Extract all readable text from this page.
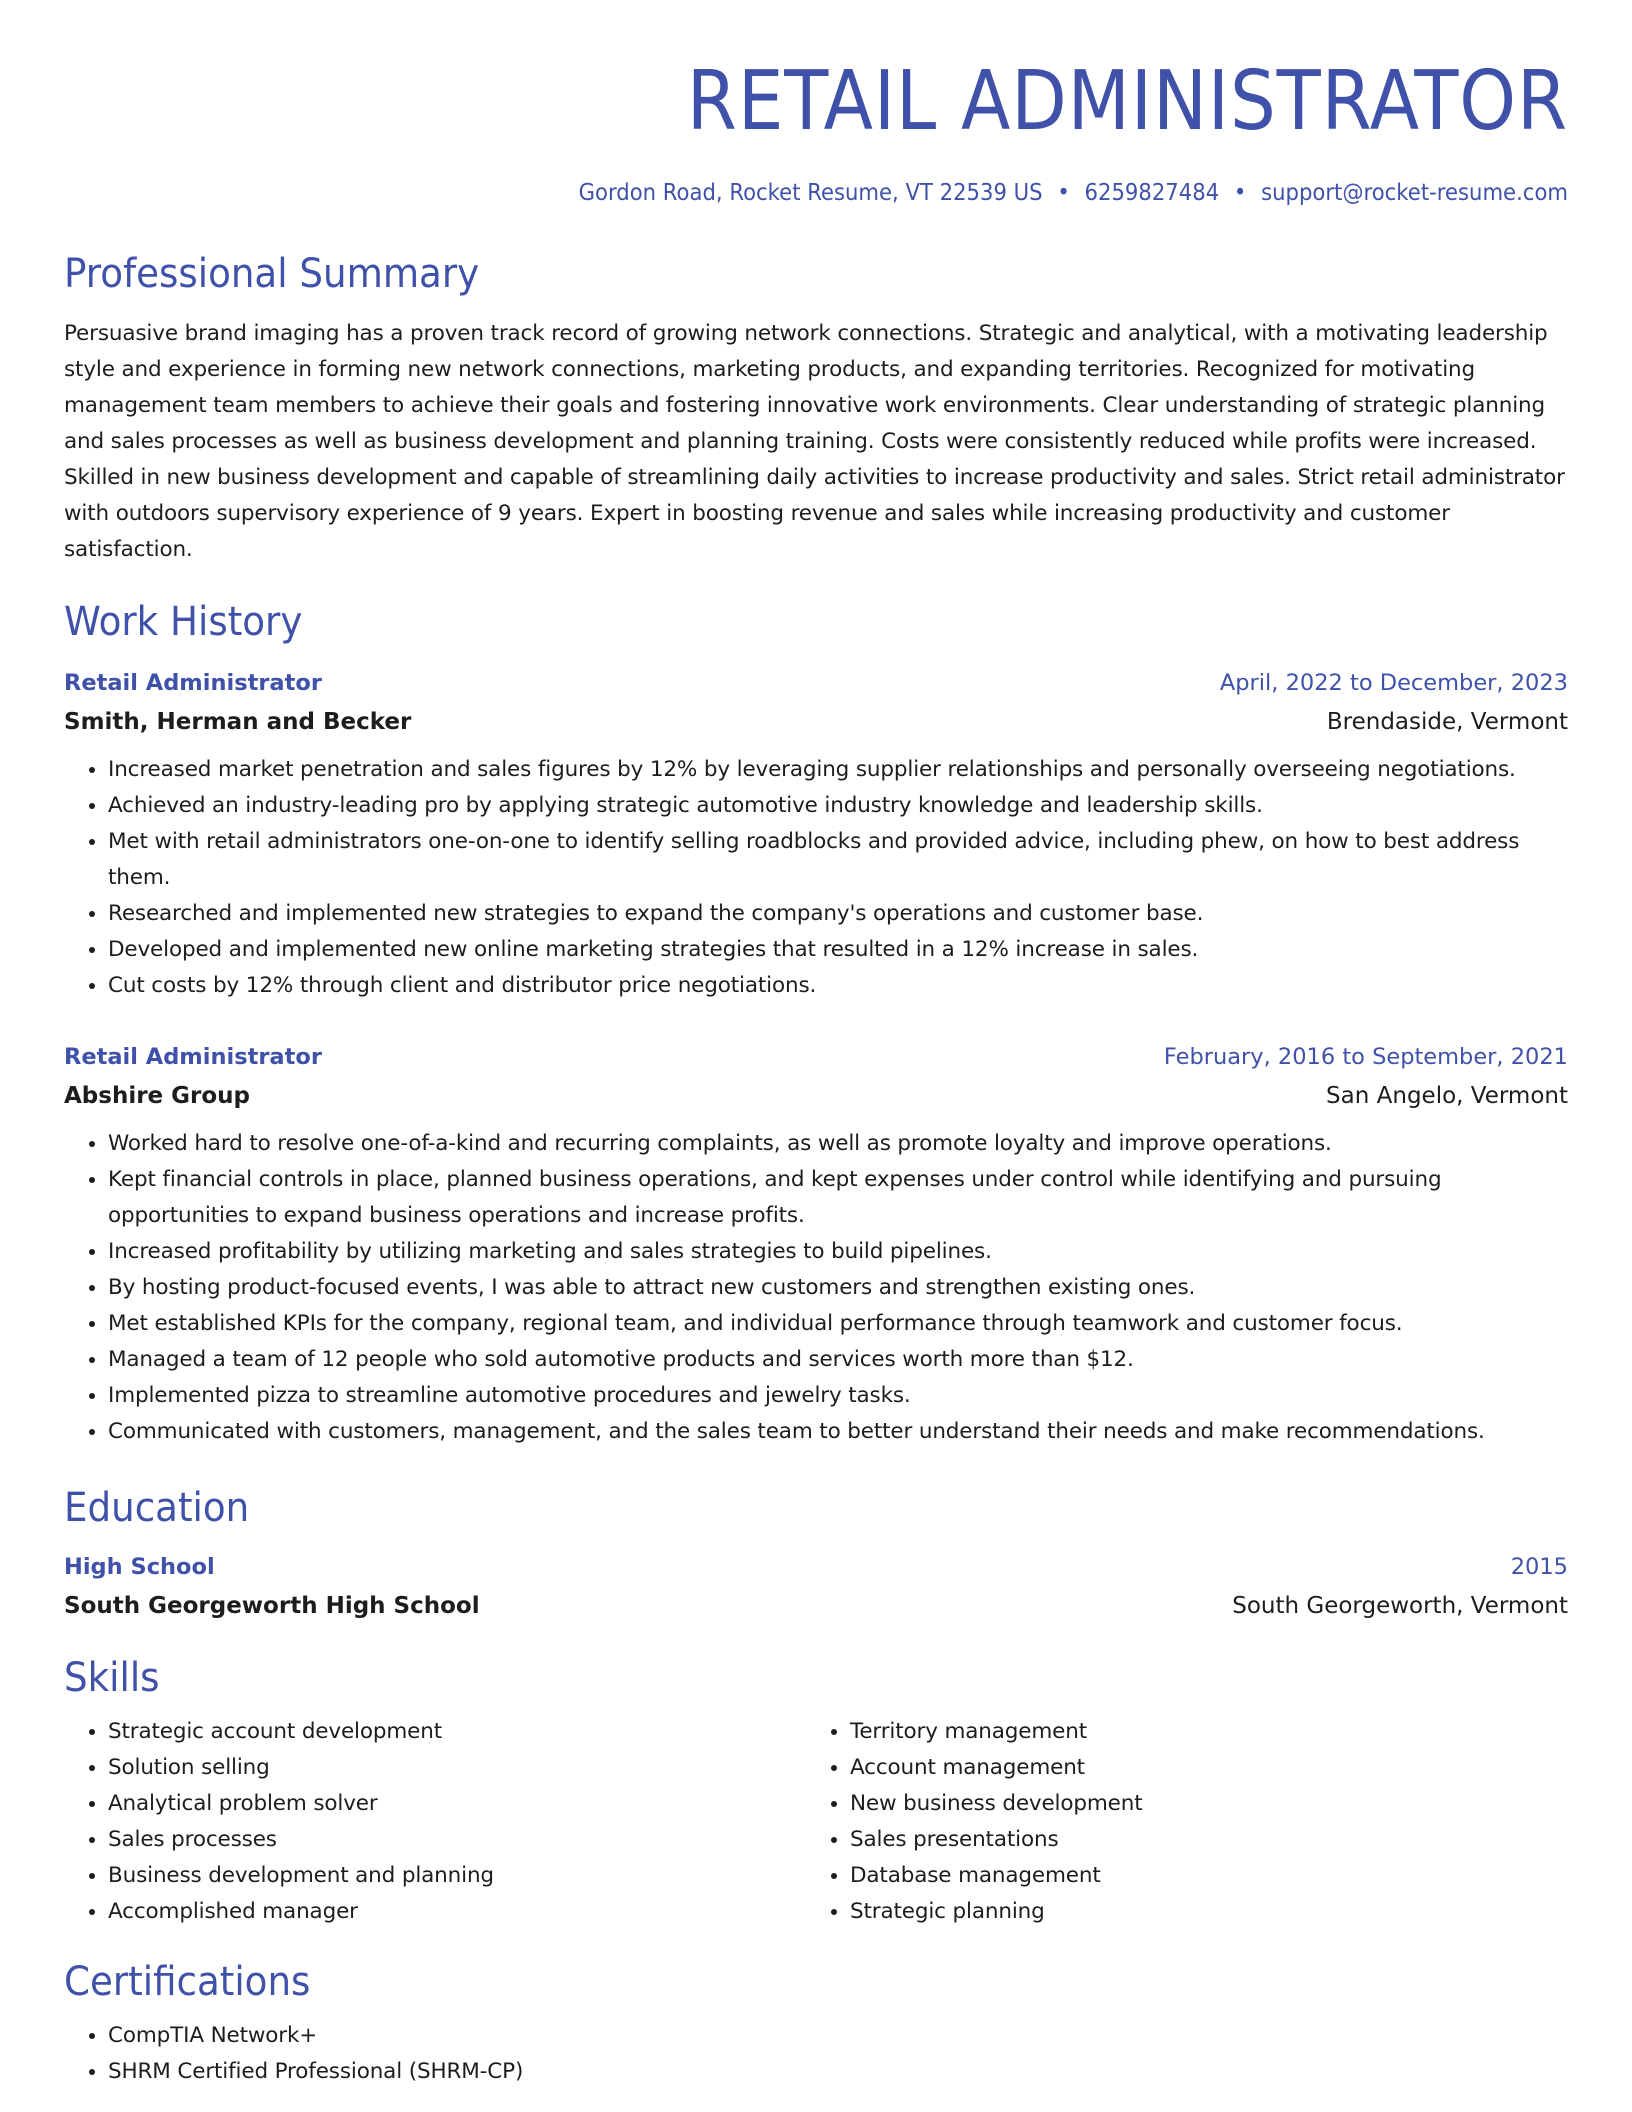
RETAIL ADMINISTRATOR
Gordon Road, Rocket Resume, VT 22539 US • 6259827484 • support@rocket-resume.com
Professional Summary
Persuasive brand imaging has a proven track record of growing network connections. Strategic and analytical, with a motivating leadership style and experience in forming new network connections, marketing products, and expanding territories. Recognized for motivating management team members to achieve their goals and fostering innovative work environments. Clear understanding of strategic planning and sales processes as well as business development and planning training. Costs were consistently reduced while profits were increased. Skilled in new business development and capable of streamlining daily activities to increase productivity and sales. Strict retail administrator with outdoors supervisory experience of 9 years. Expert in boosting revenue and sales while increasing productivity and customer satisfaction.
Work History
Retail Administrator	April, 2022 to December, 2023
Smith, Herman and Becker	Brendaside, Vermont
• Increased market penetration and sales figures by 12% by leveraging supplier relationships and personally overseeing negotiations.
• Achieved an industry-leading pro by applying strategic automotive industry knowledge and leadership skills.
• Met with retail administrators one-on-one to identify selling roadblocks and provided advice, including phew, on how to best address them.
• Researched and implemented new strategies to expand the company's operations and customer base.
• Developed and implemented new online marketing strategies that resulted in a 12% increase in sales.
• Cut costs by 12% through client and distributor price negotiations.
Retail Administrator	February, 2016 to September, 2021
Abshire Group	San Angelo, Vermont
• Worked hard to resolve one-of-a-kind and recurring complaints, as well as promote loyalty and improve operations.
• Kept financial controls in place, planned business operations, and kept expenses under control while identifying and pursuing opportunities to expand business operations and increase profits.
• Increased profitability by utilizing marketing and sales strategies to build pipelines.
• By hosting product-focused events, I was able to attract new customers and strengthen existing ones.
• Met established KPIs for the company, regional team, and individual performance through teamwork and customer focus.
• Managed a team of 12 people who sold automotive products and services worth more than $12.
• Implemented pizza to streamline automotive procedures and jewelry tasks.
• Communicated with customers, management, and the sales team to better understand their needs and make recommendations.
Education
High School	2015
South Georgeworth High School	South Georgeworth, Vermont
Skills
• Strategic account development
• Solution selling
• Analytical problem solver
• Sales processes
• Business development and planning
• Accomplished manager
• Territory management
• Account management
• New business development
• Sales presentations
• Database management
• Strategic planning
Certifications
• CompTIA Network+
• SHRM Certified Professional (SHRM-CP)
